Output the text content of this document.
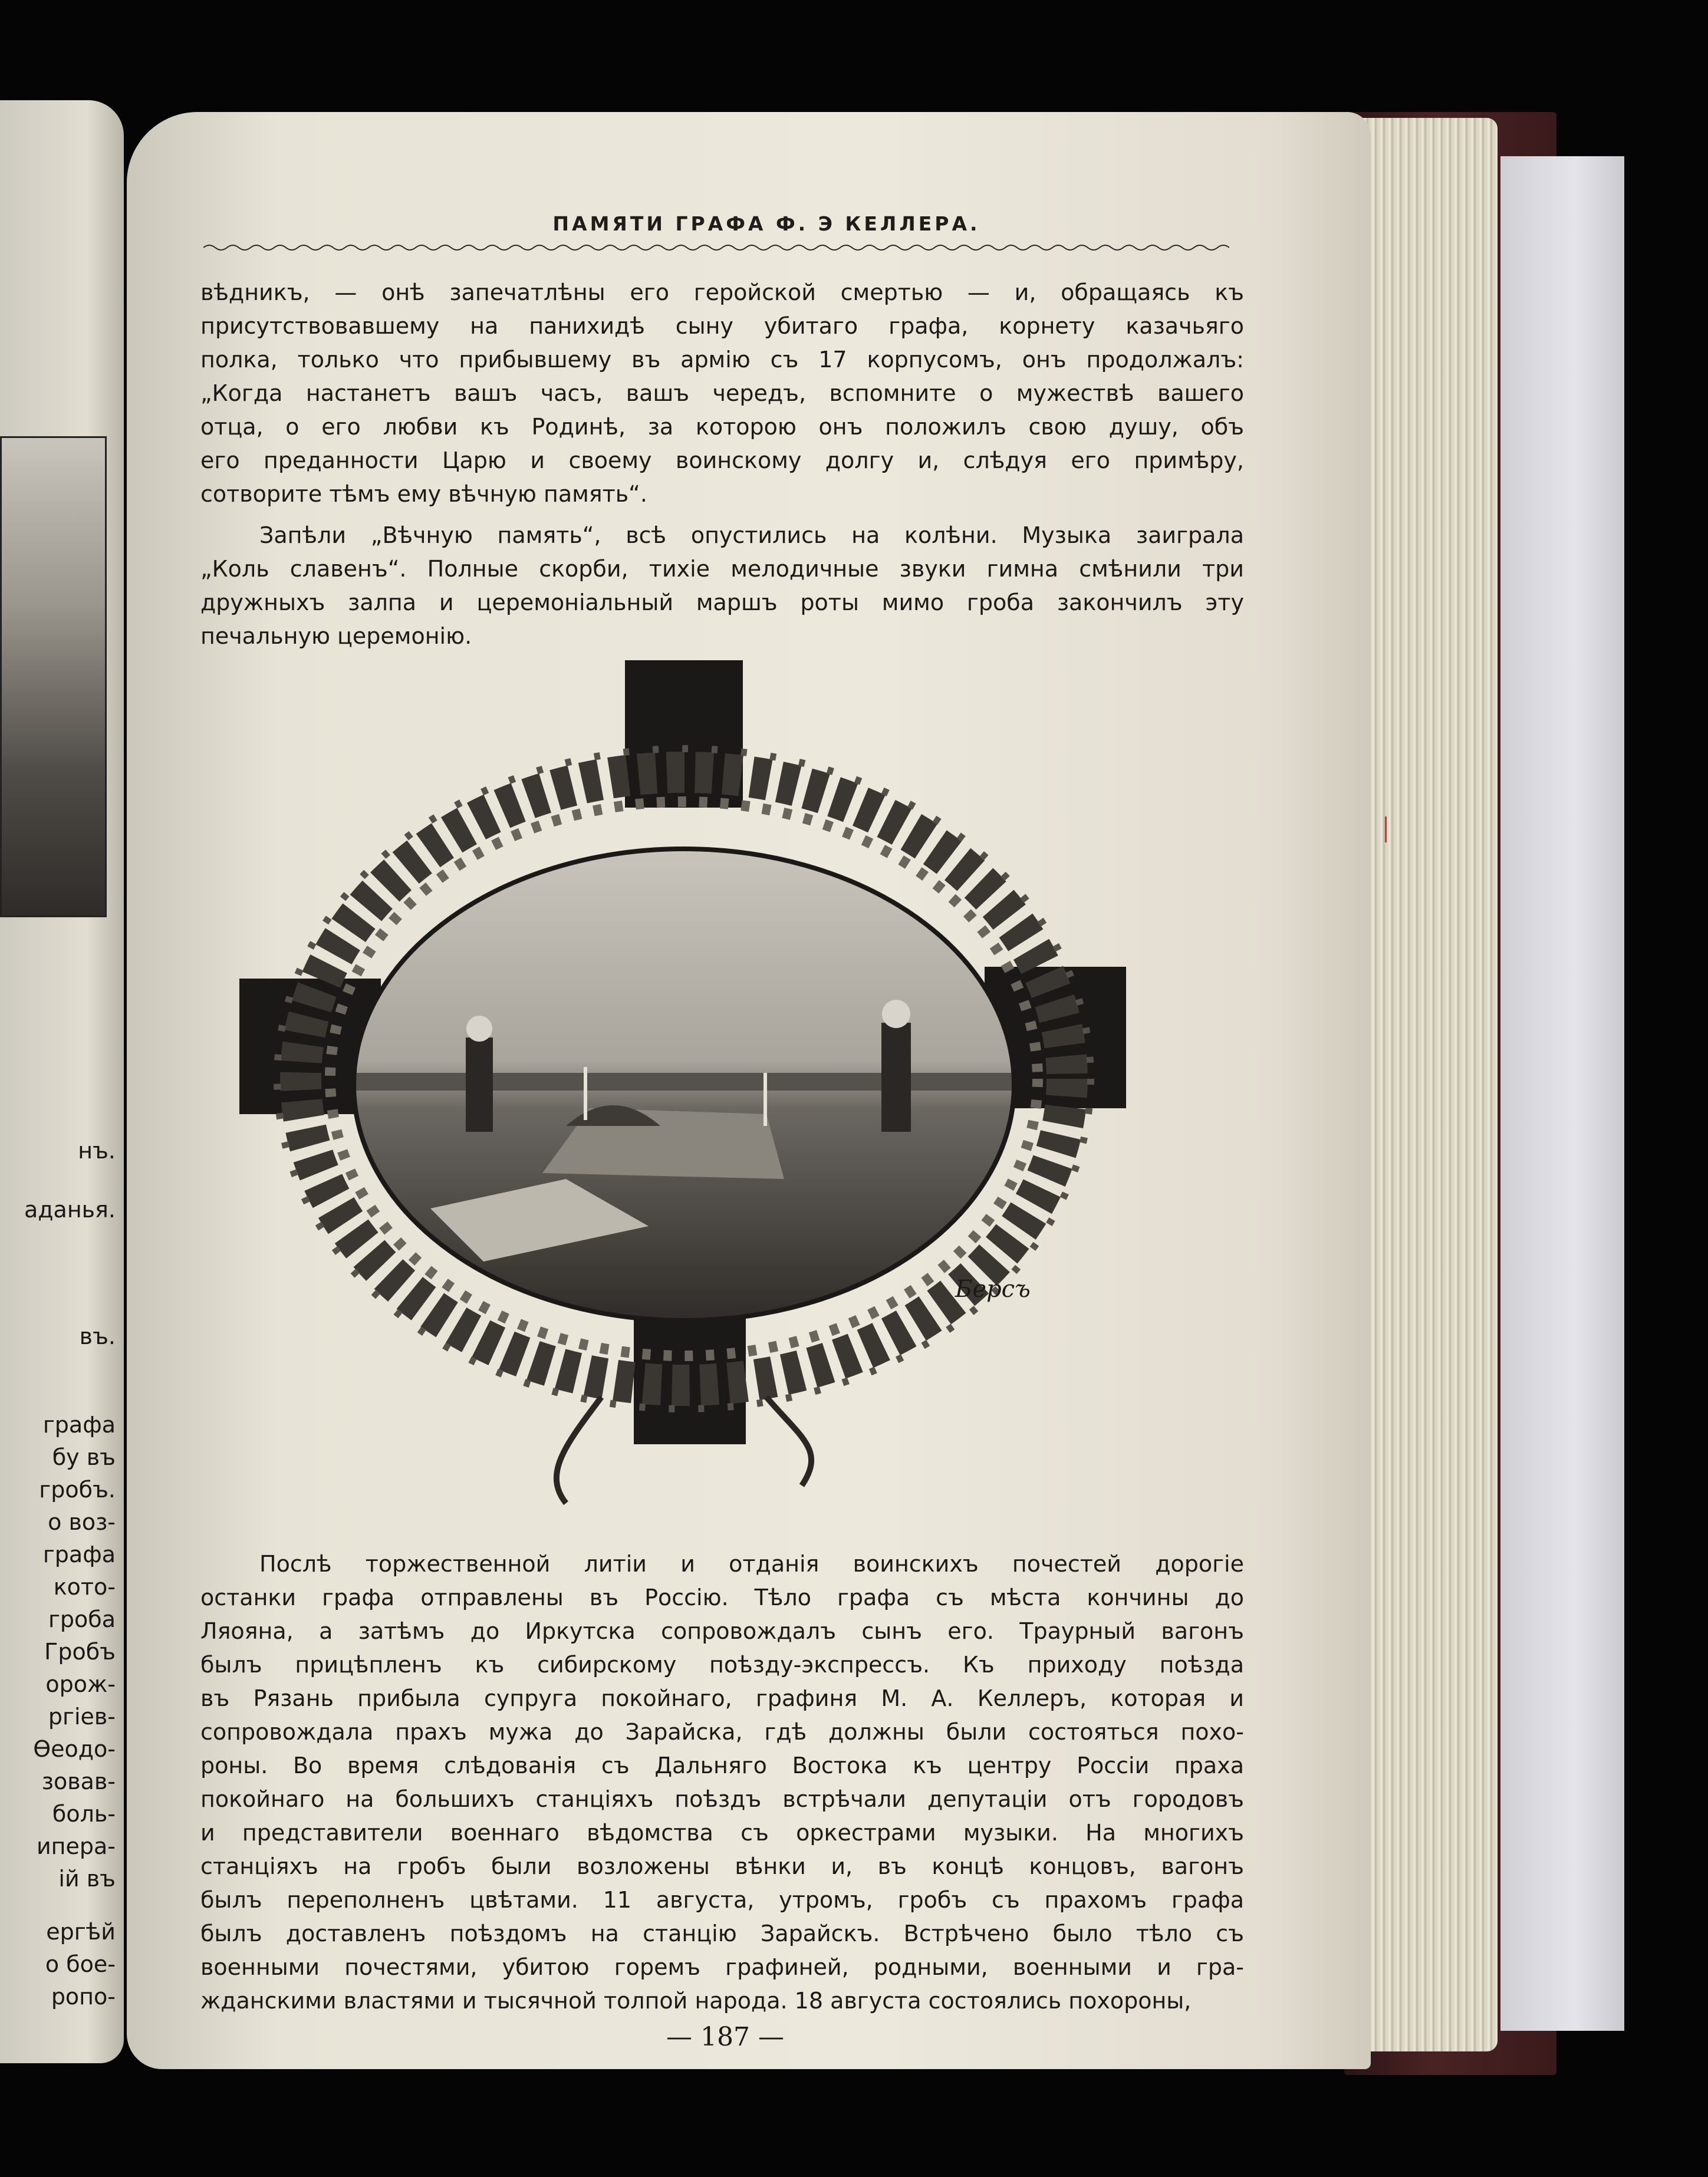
нъ.
аданья.
въ.
графа
бу въ
гробъ.
о воз-
графа
кото-
гроба
Гробъ
орож-
ргіев-
Ѳеодо-
зовав-
боль-
ипера-
ій въ
ергѣй
о бое-
ропо-
ПАМЯТИ ГРАФА Ф. Э КЕЛЛЕРА.
вѣдникъ, — онѣ запечатлѣны его геройской смертью — и, обращаясь къ
присутствовавшему на панихидѣ сыну убитаго графа, корнету казачьяго
полка, только что прибывшему въ армію съ 17 корпусомъ, онъ продолжалъ:
„Когда настанетъ вашъ часъ, вашъ чередъ, вспомните о мужествѣ вашего
отца, о его любви къ Родинѣ, за которою онъ положилъ свою душу, объ
его преданности Царю и своему воинскому долгу и, слѣдуя его примѣру,
сотворите тѣмъ ему вѣчную память“.
Запѣли „Вѣчную память“, всѣ опустились на колѣни. Музыка заиграла
„Коль славенъ“. Полные скорби, тихіе мелодичные звуки гимна смѣнили три
дружныхъ залпа и церемоніальный маршъ роты мимо гроба закончилъ эту
печальную церемонію.
Берсъ
Послѣ торжественной литіи и отданія воинскихъ почестей дорогіе
останки графа отправлены въ Россію. Тѣло графа съ мѣста кончины до
Ляояна, а затѣмъ до Иркутска сопровождалъ сынъ его. Траурный вагонъ
былъ прицѣпленъ къ сибирскому поѣзду-экспрессъ. Къ приходу поѣзда
въ Рязань прибыла супруга покойнаго, графиня М. А. Келлеръ, которая и
сопровождала прахъ мужа до Зарайска, гдѣ должны были состояться похо-
роны. Во время слѣдованія съ Дальняго Востока къ центру Россіи праха
покойнаго на большихъ станціяхъ поѣздъ встрѣчали депутаціи отъ городовъ
и представители военнаго вѣдомства съ оркестрами музыки. На многихъ
станціяхъ на гробъ были возложены вѣнки и, въ концѣ концовъ, вагонъ
былъ переполненъ цвѣтами. 11 августа, утромъ, гробъ съ прахомъ графа
былъ доставленъ поѣздомъ на станцію Зарайскъ. Встрѣчено было тѣло съ
военными почестями, убитою горемъ графиней, родными, военными и гра-
жданскими властями и тысячной толпой народа. 18 августа состоялись похороны,
— 187 —
